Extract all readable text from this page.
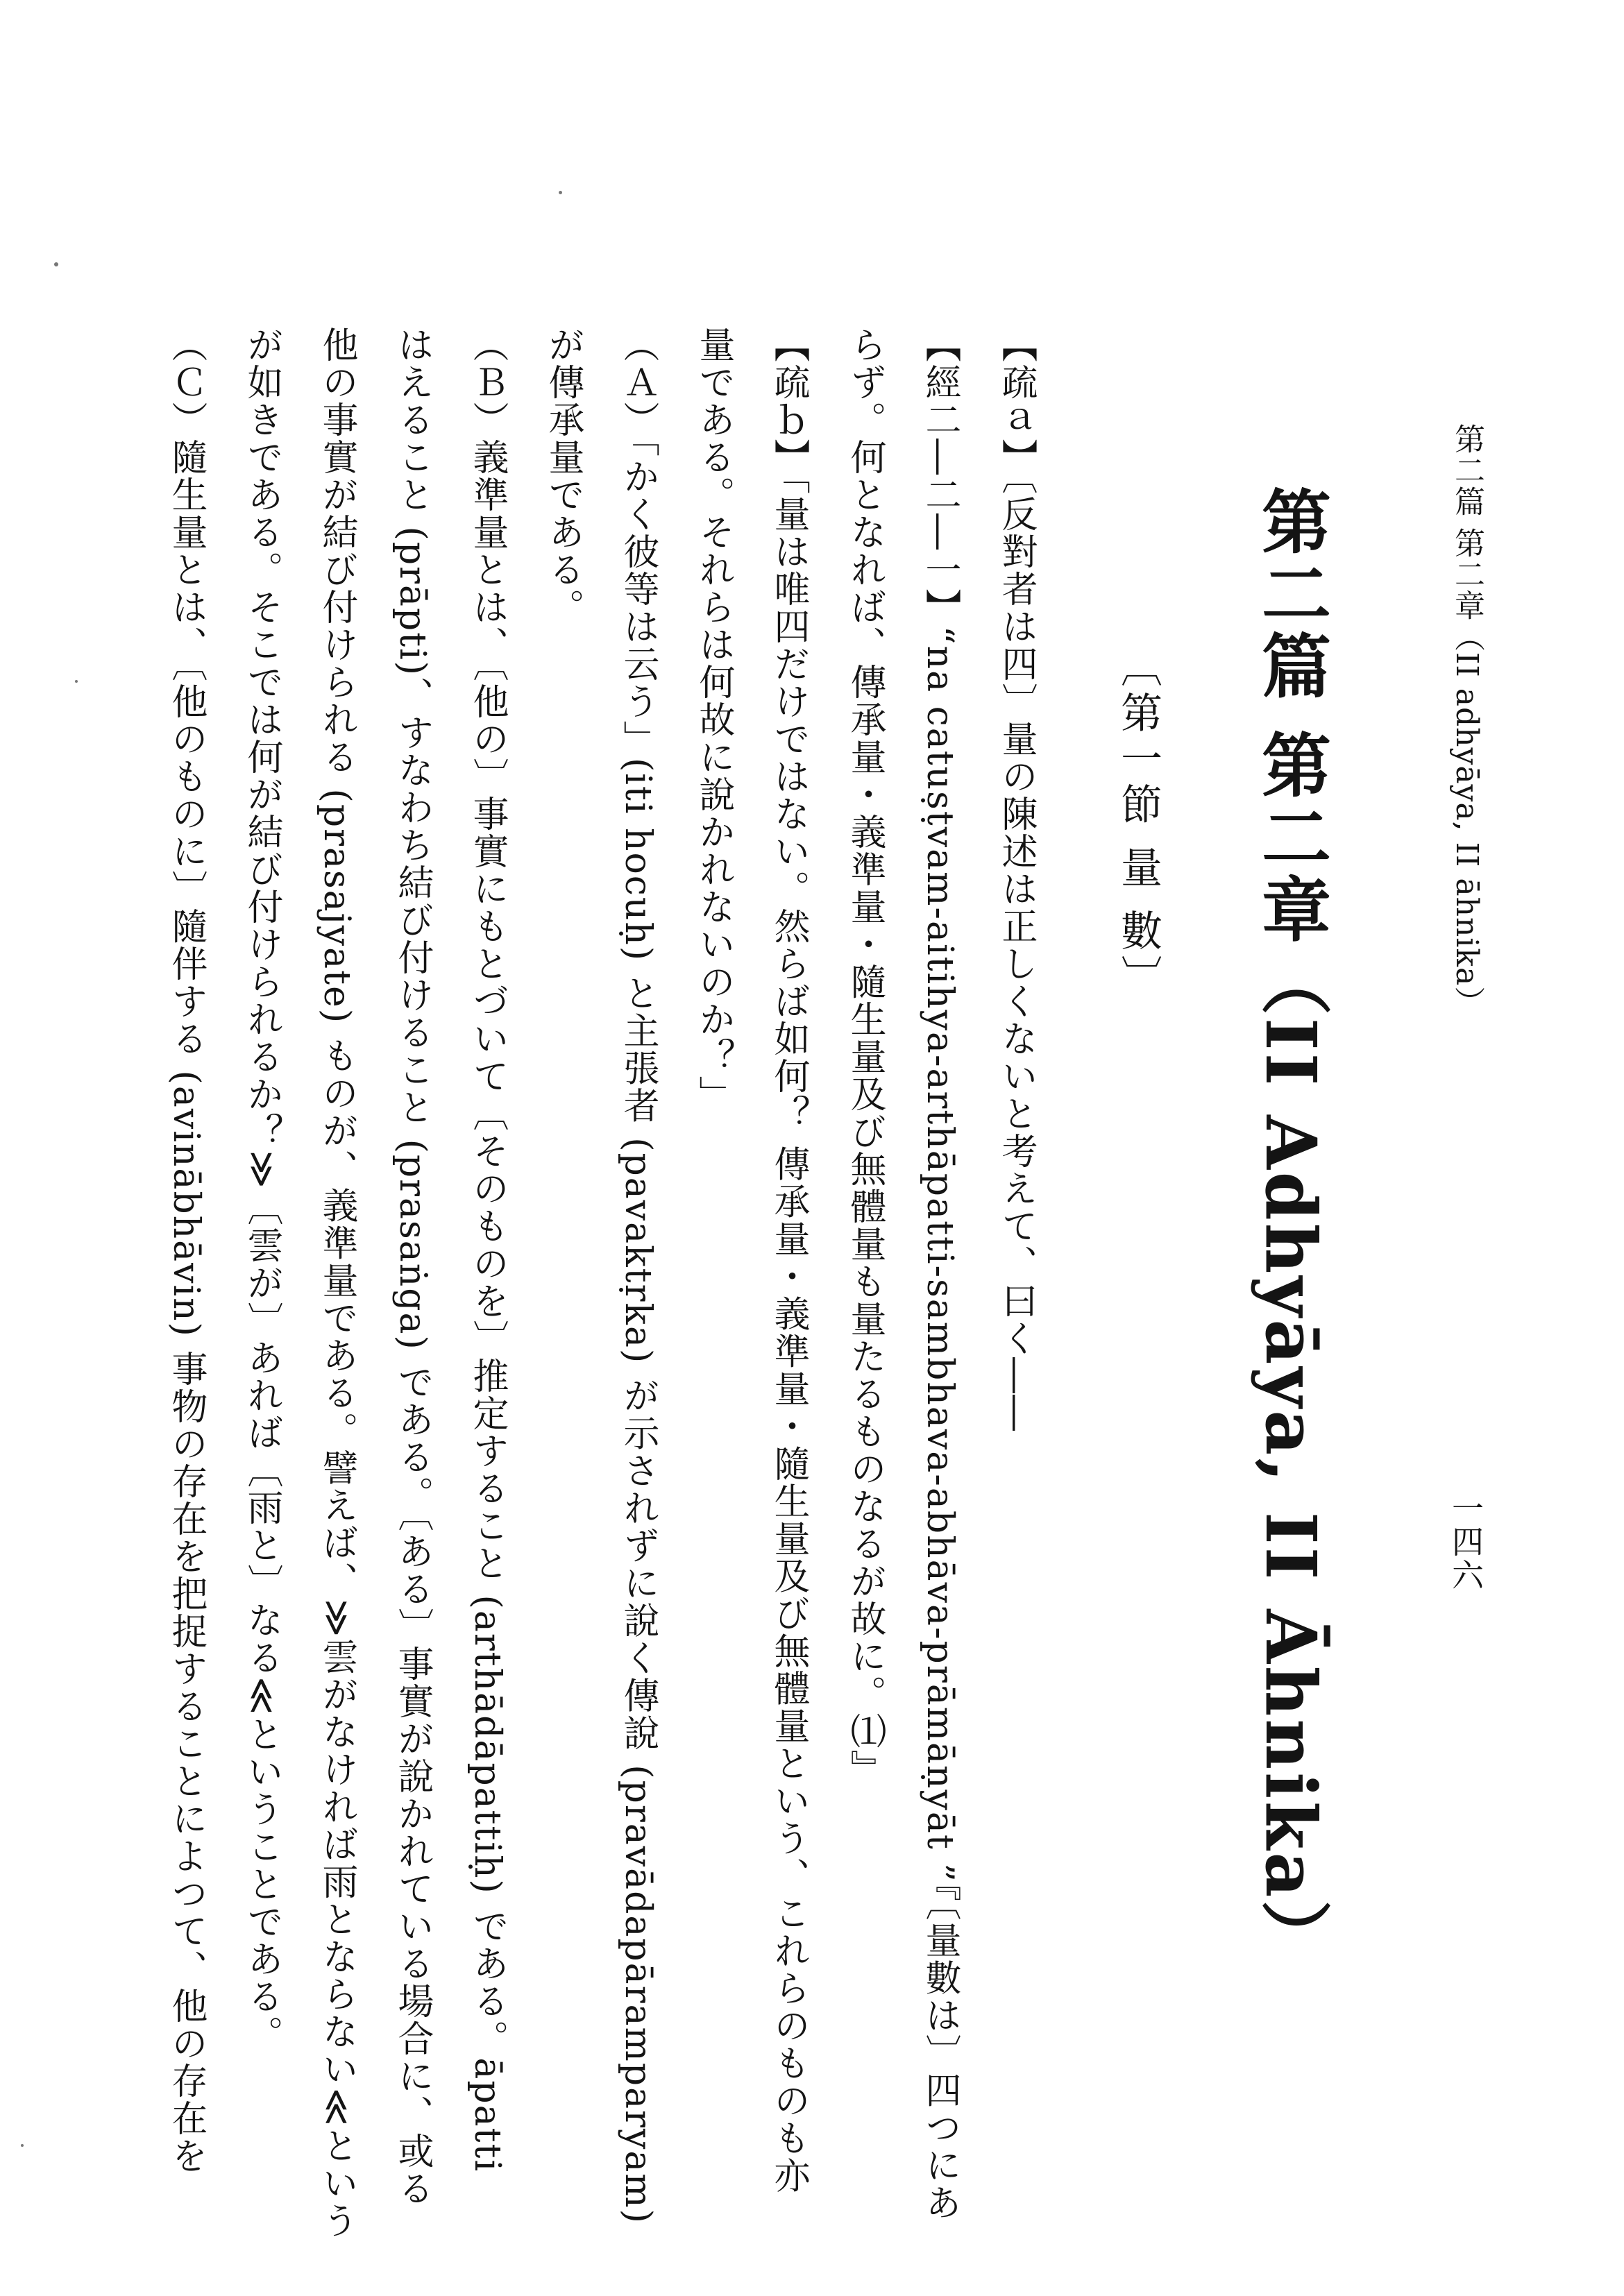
第二篇 第二章（II adhyāya, II āhnika）
一四六
第二篇 第二章（II Adhyāya, II Āhnika）
〔第一節 量 數〕
【疏ａ】〔反對者は四〕量の陳述は正しくないと考えて、曰く――
【經二―二―一】“na catuṣṭvam-aitihya-arthāpatti-sambhava-abhāva-prāmāṇyāt ”『〔量數は〕四つにあ
らず。何となれば、傳承量・義準量・隨生量及び無體量も量たるものなるが故に。⑴』
【疏ｂ】「量は唯四だけではない。然らば如何？ 傳承量・義準量・隨生量及び無體量という、これらのものも亦
量である。それらは何故に說かれないのか？」
（Ａ）「かく彼等は云う」(iti hocuḥ) と主張者 (pavaktṛka) が示されずに說く傳說 (pravādapāramparyam)
が傳承量である。
（Ｂ）義準量とは、〔他の〕事實にもとづいて〔そのものを〕推定すること (arthādāpattiḥ) である。āpatti
はえること (prāpti)、すなわち結び付けること (prasaṅga) である。〔ある〕事實が說かれている場合に、或る
他の事實が結び付けられる (prasajyate) ものが、義準量である。譬えば、≫雲がなければ雨とならない≪という
が如きである。そこでは何が結び付けられるか？≫〔雲が〕あれば〔雨と〕なる≪ということである。
（Ｃ）隨生量とは、〔他のものに〕隨伴する (avinābhāvin) 事物の存在を把捉することによつて、他の存在を
